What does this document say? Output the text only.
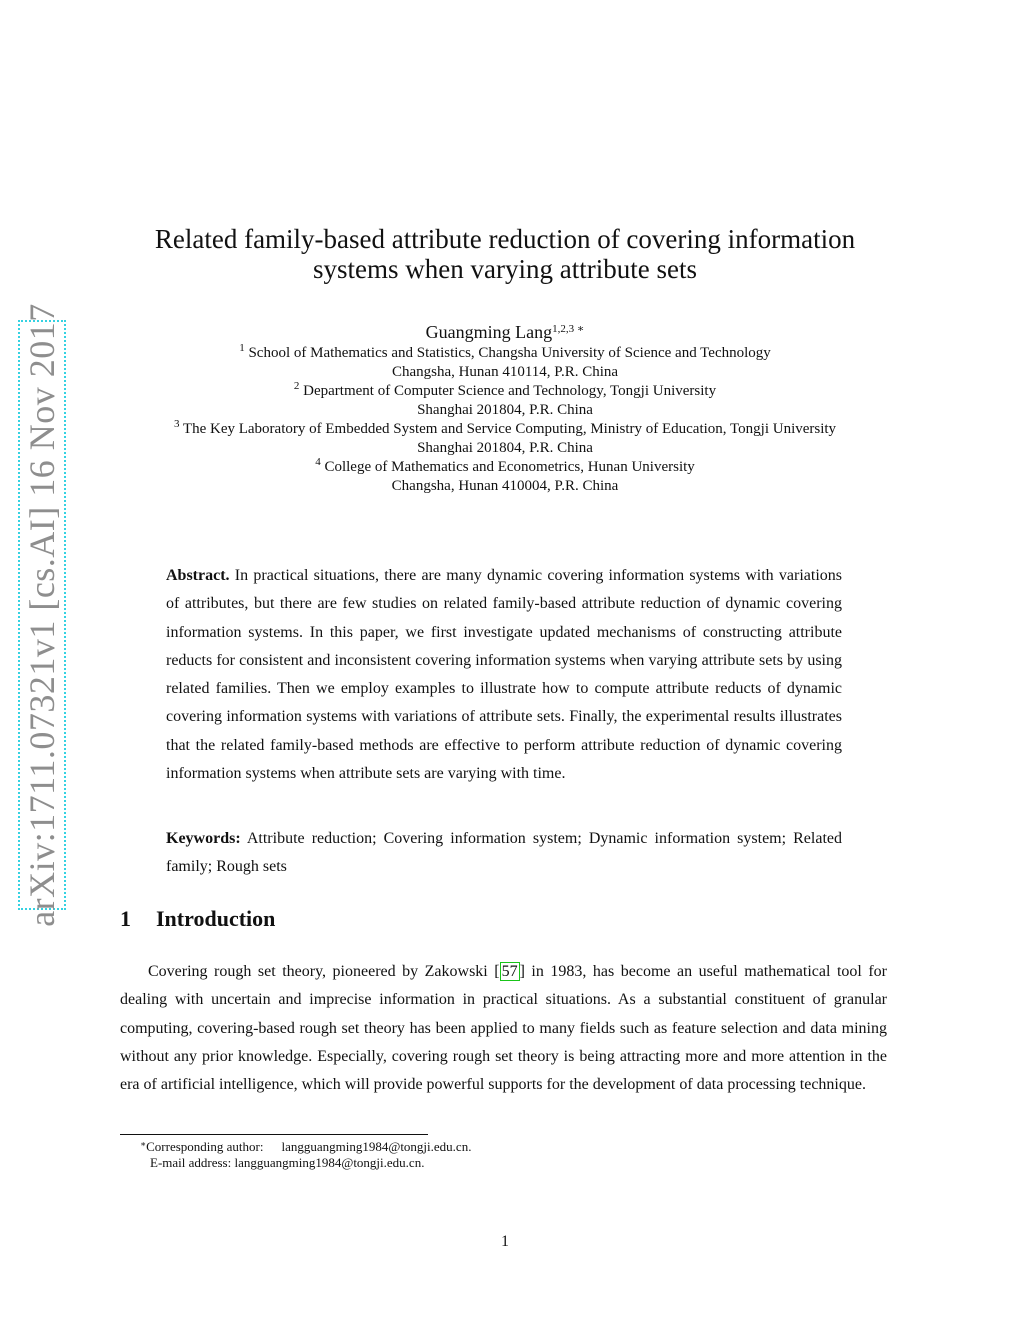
arXiv:1711.07321v1 [cs.AI] 16 Nov 2017
Related family-based attribute reduction of covering information
systems when varying attribute sets
Guangming Lang$^{1,2,3 ∗}$
$^1$ School of Mathematics and Statistics, Changsha University of Science and Technology
Changsha, Hunan 410114, P.R. China
$^2$ Department of Computer Science and Technology, Tongji University
Shanghai 201804, P.R. China
$^3$ The Key Laboratory of Embedded System and Service Computing, Ministry of Education, Tongji University
Shanghai 201804, P.R. China
$^4$ College of Mathematics and Econometrics, Hunan University
Changsha, Hunan 410004, P.R. China

Abstract. In practical situations, there are many dynamic covering information systems with variations of attributes, but there are few studies on related family-based attribute reduction of dynamic covering information systems. In this paper, we first investigate updated mechanisms of constructing attribute reducts for consistent and inconsistent covering information systems when varying attribute sets by using related families. Then we employ examples to illustrate how to compute attribute reducts of dynamic covering information systems with variations of attribute sets. Finally, the experimental results illustrates that the related family-based methods are effective to perform attribute reduction of dynamic covering information systems when attribute sets are varying with time.

Keywords: Attribute reduction; Covering information system; Dynamic information system; Related family; Rough sets

1 Introduction

Covering rough set theory, pioneered by Zakowski [ 57 ] in 1983, has become an useful mathematical tool for dealing with uncertain and imprecise information in practical situations. As a substantial constituent of granular computing, covering-based rough set theory has been applied to many fields such as feature selection and data mining without any prior knowledge. Especially, covering rough set theory is being attracting more and more attention in the era of artificial intelligence, which will provide powerful supports for the development of data processing technique.

∗Corresponding author: langguangming1984@tongji.edu.cn.
E-mail address: langguangming1984@tongji.edu.cn.
1
